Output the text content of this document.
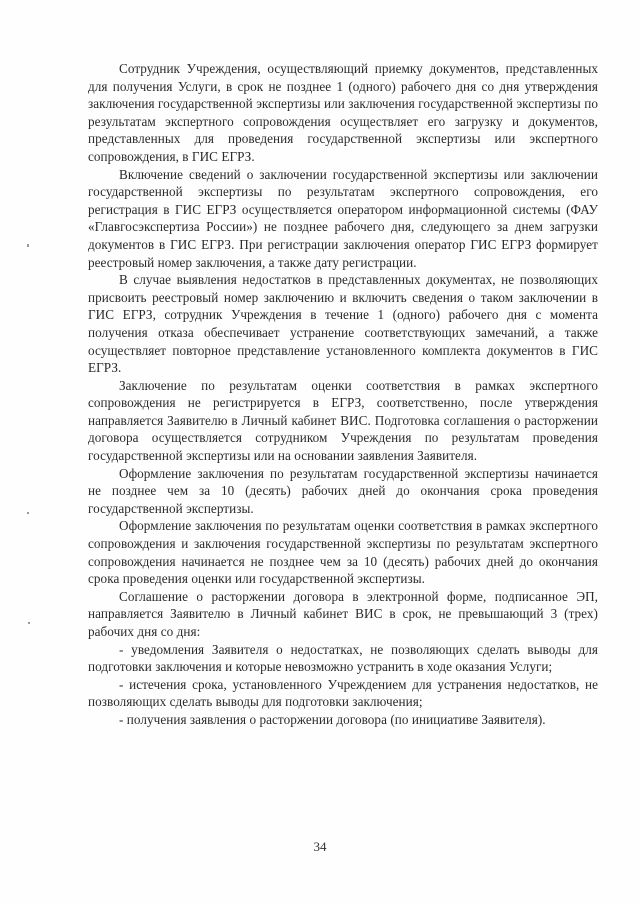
Сотрудник Учреждения, осуществляющий приемку документов, представленных для получения Услуги, в срок не позднее 1 (одного) рабочего дня со дня утверждения заключения государственной экспертизы или заключения государственной экспертизы по результатам экспертного сопровождения осуществляет его загрузку и документов, представленных для проведения государственной экспертизы или экспертного сопровождения, в ГИС ЕГРЗ.

Включение сведений о заключении государственной экспертизы или заключении государственной экспертизы по результатам экспертного сопровождения, его регистрация в ГИС ЕГРЗ осуществляется оператором информационной системы (ФАУ «Главгосэкспертиза России») не позднее рабочего дня, следующего за днем загрузки документов в ГИС ЕГРЗ. При регистрации заключения оператор ГИС ЕГРЗ формирует реестровый номер заключения, а также дату регистрации.

В случае выявления недостатков в представленных документах, не позволяющих присвоить реестровый номер заключению и включить сведения о таком заключении в ГИС ЕГРЗ, сотрудник Учреждения в течение 1 (одного) рабочего дня с момента получения отказа обеспечивает устранение соответствующих замечаний, а также осуществляет повторное представление установленного комплекта документов в ГИС ЕГРЗ.

Заключение по результатам оценки соответствия в рамках экспертного сопровождения не регистрируется в ЕГРЗ, соответственно, после утверждения направляется Заявителю в Личный кабинет ВИС. Подготовка соглашения о расторжении договора осуществляется сотрудником Учреждения по результатам проведения государственной экспертизы или на основании заявления Заявителя.

Оформление заключения по результатам государственной экспертизы начинается не позднее чем за 10 (десять) рабочих дней до окончания срока проведения государственной экспертизы.

Оформление заключения по результатам оценки соответствия в рамках экспертного сопровождения и заключения государственной экспертизы по результатам экспертного сопровождения начинается не позднее чем за 10 (десять) рабочих дней до окончания срока проведения оценки или государственной экспертизы.

Соглашение о расторжении договора в электронной форме, подписанное ЭП, направляется Заявителю в Личный кабинет ВИС в срок, не превышающий 3 (трех) рабочих дня со дня:

- уведомления Заявителя о недостатках, не позволяющих сделать выводы для подготовки заключения и которые невозможно устранить в ходе оказания Услуги;

- истечения срока, установленного Учреждением для устранения недостатков, не позволяющих сделать выводы для подготовки заключения;

- получения заявления о расторжении договора (по инициативе Заявителя).

34
